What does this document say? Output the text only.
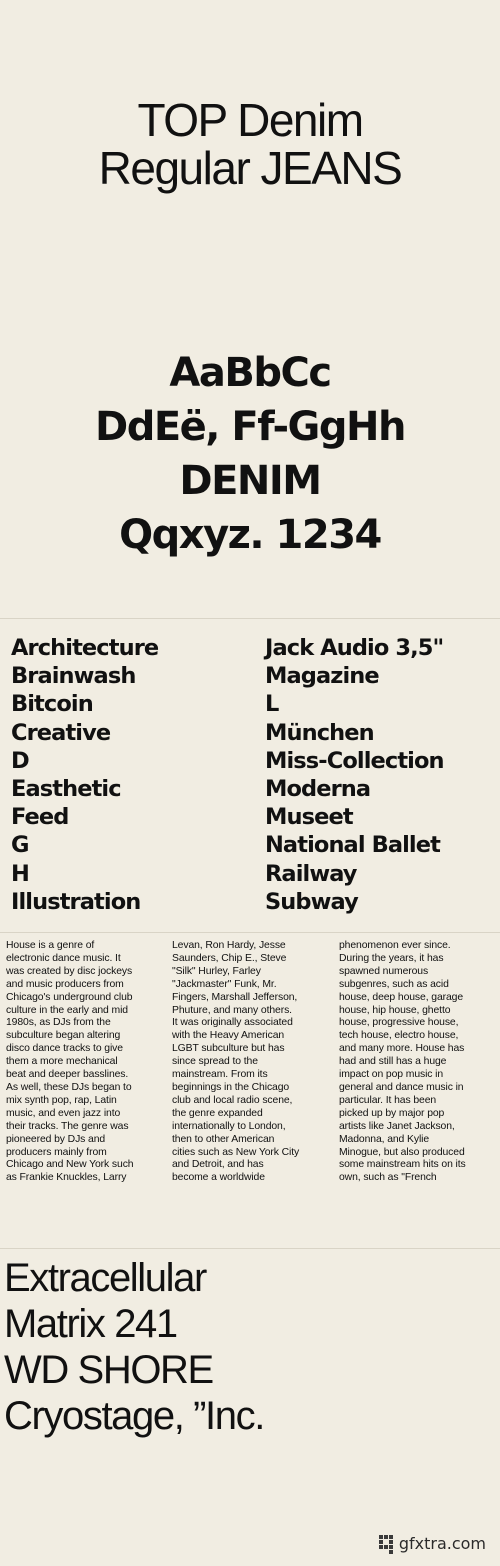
TOP Denim
Regular JEANS
AaBbCc
DdEë, Ff-GgHh
DENIM
Qqxyz. 1234
Architecture
Brainwash
Bitcoin
Creative
D
Easthetic
Feed
G
H
Illustration
Jack Audio 3,5"
Magazine
L
München
Miss-Collection
Moderna
Museet
National Ballet
Railway
Subway
House is a genre of
electronic dance music. It
was created by disc jockeys
and music producers from
Chicago's underground club
culture in the early and mid
1980s, as DJs from the
subculture began altering
disco dance tracks to give
them a more mechanical
beat and deeper basslines.
As well, these DJs began to
mix synth pop, rap, Latin
music, and even jazz into
their tracks. The genre was
pioneered by DJs and
producers mainly from
Chicago and New York such
as Frankie Knuckles, Larry
Levan, Ron Hardy, Jesse
Saunders, Chip E., Steve
"Silk" Hurley, Farley
"Jackmaster" Funk, Mr.
Fingers, Marshall Jefferson,
Phuture, and many others.
It was originally associated
with the Heavy American
LGBT subculture but has
since spread to the
mainstream. From its
beginnings in the Chicago
club and local radio scene,
the genre expanded
internationally to London,
then to other American
cities such as New York City
and Detroit, and has
become a worldwide
phenomenon ever since.
During the years, it has
spawned numerous
subgenres, such as acid
house, deep house, garage
house, hip house, ghetto
house, progressive house,
tech house, electro house,
and many more. House has
had and still has a huge
impact on pop music in
general and dance music in
particular. It has been
picked up by major pop
artists like Janet Jackson,
Madonna, and Kylie
Minogue, but also produced
some mainstream hits on its
own, such as "French
Extracellular
Matrix 241
WD SHORE
Cryostage, ”Inc.
gfxtra.com
